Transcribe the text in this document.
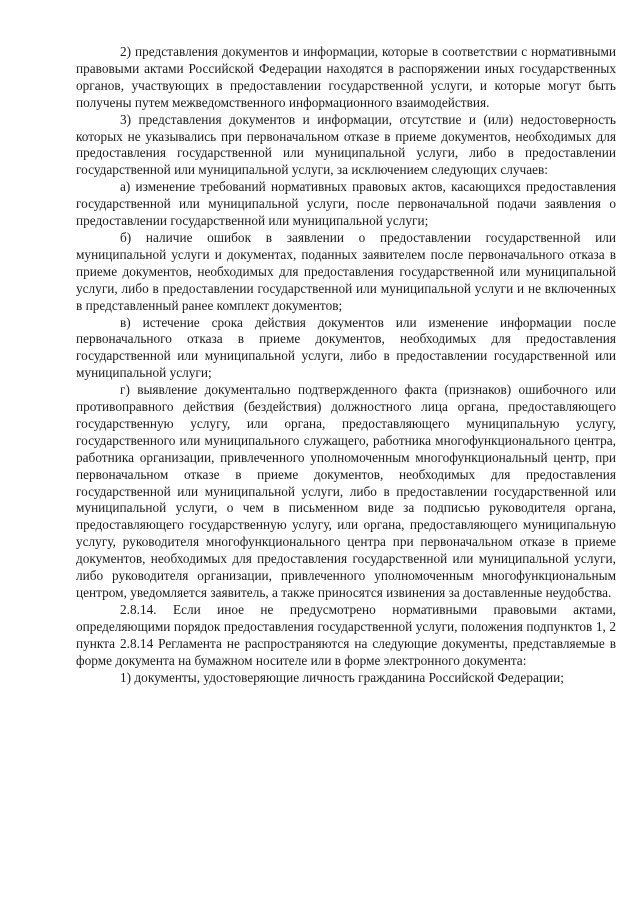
2) представления документов и информации, которые в соответствии с нормативными правовыми актами Российской Федерации находятся в распоряжении иных государственных органов, участвующих в предоставлении государственной услуги, и которые могут быть получены путем межведомственного информационного взаимодействия.

3) представления документов и информации, отсутствие и (или) недостоверность которых не указывались при первоначальном отказе в приеме документов, необходимых для предоставления государственной или муниципальной услуги, либо в предоставлении государственной или муниципальной услуги, за исключением следующих случаев:

а) изменение требований нормативных правовых актов, касающихся предоставления государственной или муниципальной услуги, после первоначальной подачи заявления о предоставлении государственной или муниципальной услуги;

б) наличие ошибок в заявлении о предоставлении государственной или муниципальной услуги и документах, поданных заявителем после первоначального отказа в приеме документов, необходимых для предоставления государственной или муниципальной услуги, либо в предоставлении государственной или муниципальной услуги и не включенных в представленный ранее комплект документов;

в) истечение срока действия документов или изменение информации после первоначального отказа в приеме документов, необходимых для предоставления государственной или муниципальной услуги, либо в предоставлении государственной или муниципальной услуги;

г) выявление документально подтвержденного факта (признаков) ошибочного или противоправного действия (бездействия) должностного лица органа, предоставляющего государственную услугу, или органа, предоставляющего муниципальную услугу, государственного или муниципального служащего, работника многофункционального центра, работника организации, привлеченного уполномоченным многофункциональный центр, при первоначальном отказе в приеме документов, необходимых для предоставления государственной или муниципальной услуги, либо в предоставлении государственной или муниципальной услуги, о чем в письменном виде за подписью руководителя органа, предоставляющего государственную услугу, или органа, предоставляющего муниципальную услугу, руководителя многофункционального центра при первоначальном отказе в приеме документов, необходимых для предоставления государственной или муниципальной услуги, либо руководителя организации, привлеченного уполномоченным многофункциональным центром, уведомляется заявитель, а также приносятся извинения за доставленные неудобства.

2.8.14. Если иное не предусмотрено нормативными правовыми актами, определяющими порядок предоставления государственной услуги, положения подпунктов 1, 2 пункта 2.8.14 Регламента не распространяются на следующие документы, представляемые в форме документа на бумажном носителе или в форме электронного документа:

1) документы, удостоверяющие личность гражданина Российской Федерации;
